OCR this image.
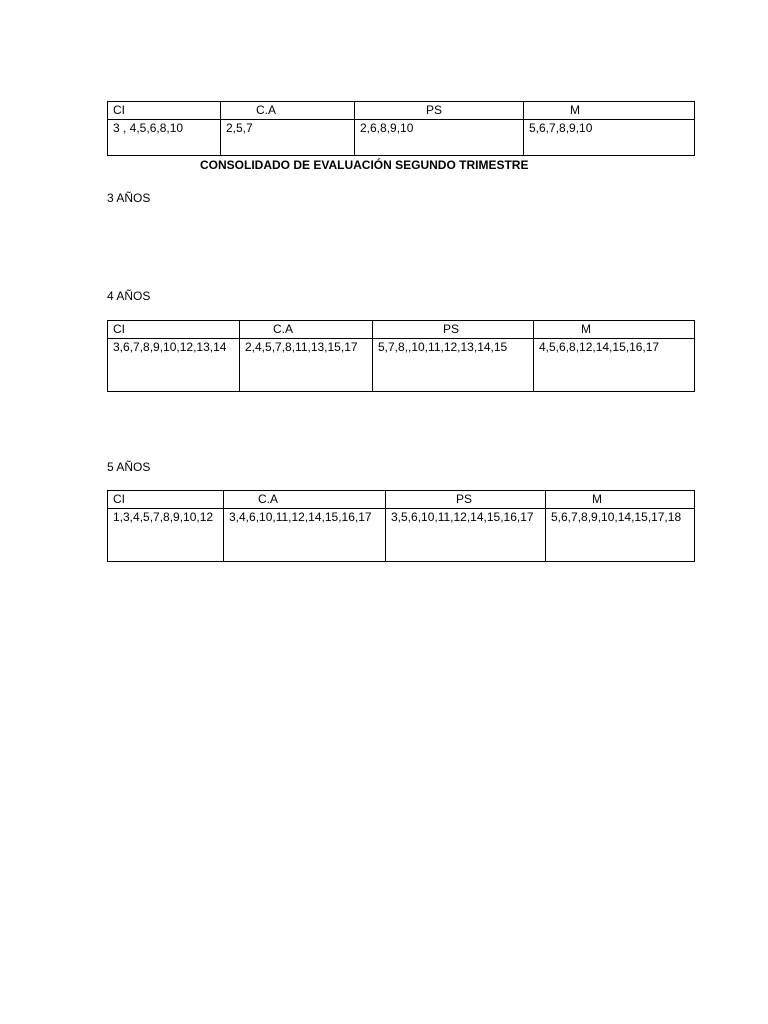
CI	C.A	PS	M
3 , 4,5,6,8,10	2,5,7	2,6,8,9,10	5,6,7,8,9,10
CONSOLIDADO DE EVALUACIÓN SEGUNDO TRIMESTRE
3 AÑOS
4 AÑOS
CI	C.A	PS	M
3,6,7,8,9,10,12,13,14	2,4,5,7,8,11,13,15,17	5,7,8,,10,11,12,13,14,15	4,5,6,8,12,14,15,16,17
5 AÑOS
CI	C.A	PS	M
1,3,4,5,7,8,9,10,12	3,4,6,10,11,12,14,15,16,17	3,5,6,10,11,12,14,15,16,17	5,6,7,8,9,10,14,15,17,18
